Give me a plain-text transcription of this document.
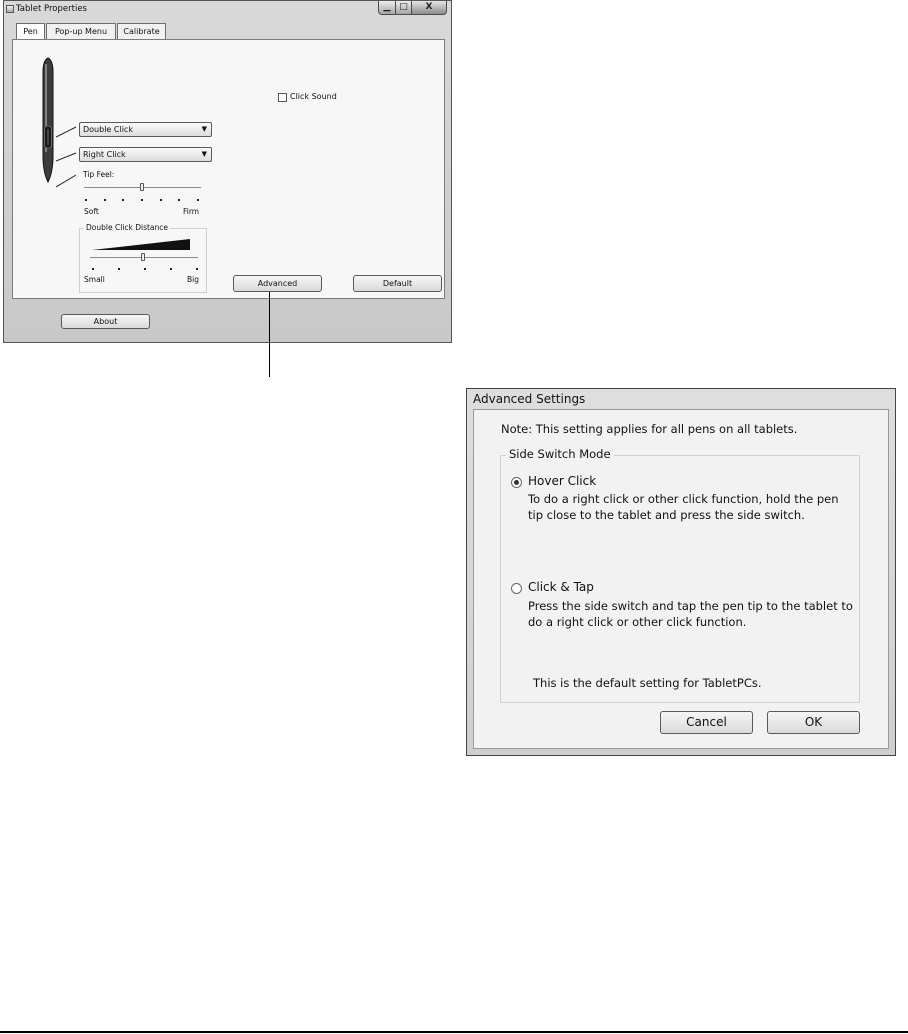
Tablet Properties	▁ □	X
Pen	Pop-up Menu	Calibrate
Double Click	▼
Right Click	▼
Tip Feel:
Soft	Firm
Double Click Distance
Small	Big
Click Sound
Advanced	Default
About
Advanced Settings
Note: This setting applies for all pens on all tablets.
Side Switch Mode
Hover Click
To do a right click or other click function, hold the pen
tip close to the tablet and press the side switch.
Click & Tap
Press the side switch and tap the pen tip to the tablet to
do a right click or other click function.
This is the default setting for TabletPCs.
Cancel	OK
